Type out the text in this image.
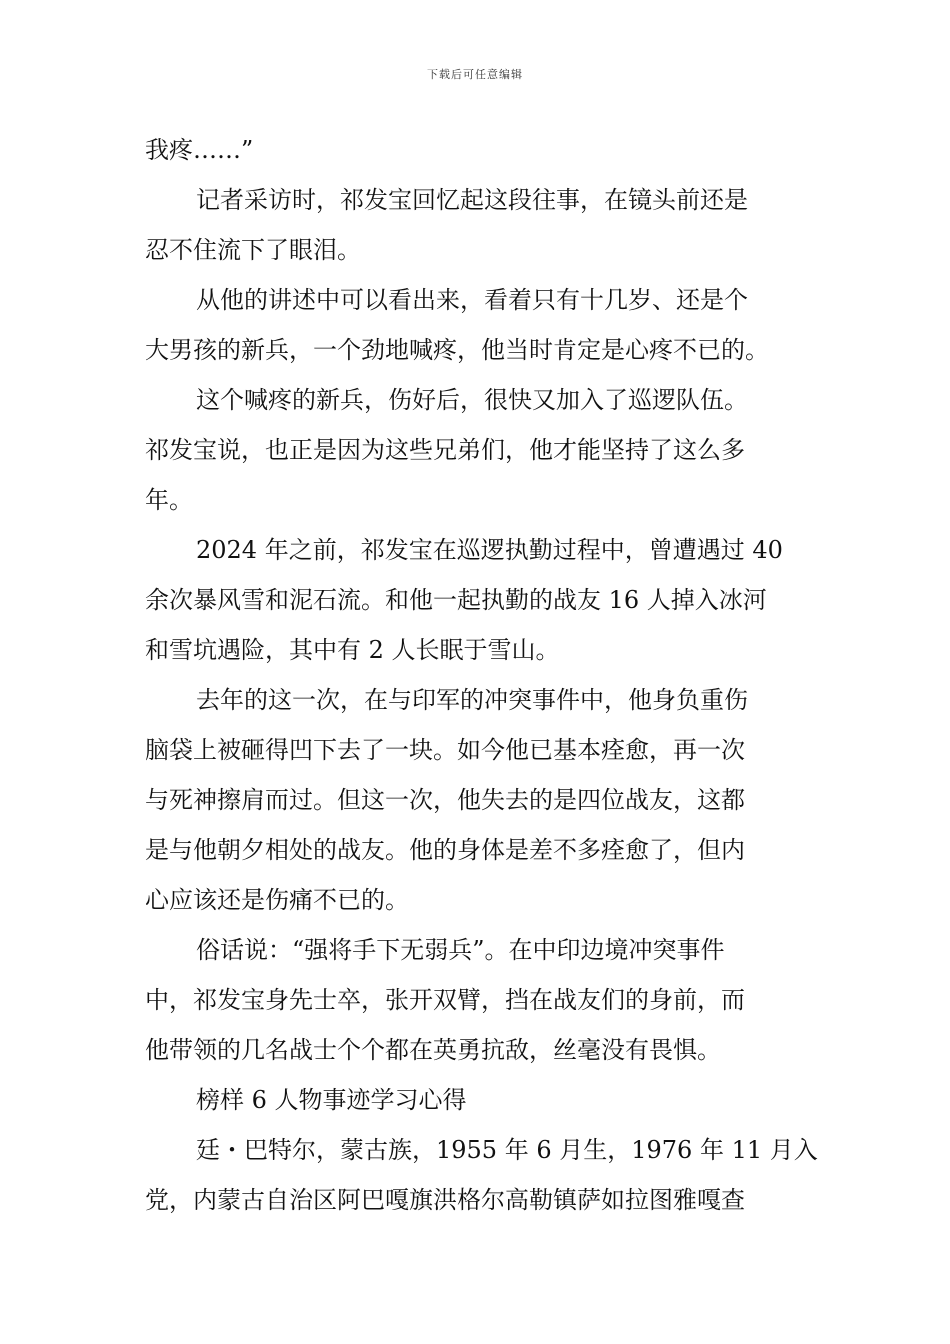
下载后可任意编辑
我疼……”
记者采访时，祁发宝回忆起这段往事，在镜头前还是
忍不住流下了眼泪。
从他的讲述中可以看出来，看着只有十几岁、还是个
大男孩的新兵，一个劲地喊疼，他当时肯定是心疼不已的。
这个喊疼的新兵，伤好后，很快又加入了巡逻队伍。
祁发宝说，也正是因为这些兄弟们，他才能坚持了这么多
年。
2024 年之前，祁发宝在巡逻执勤过程中，曾遭遇过 40
余次暴风雪和泥石流。和他一起执勤的战友 16 人掉入冰河
和雪坑遇险，其中有 2 人长眠于雪山。
去年的这一次，在与印军的冲突事件中，他身负重伤
脑袋上被砸得凹下去了一块。如今他已基本痊愈，再一次
与死神擦肩而过。但这一次，他失去的是四位战友，这都
是与他朝夕相处的战友。他的身体是差不多痊愈了，但内
心应该还是伤痛不已的。
俗话说：“强将手下无弱兵”。在中印边境冲突事件
中，祁发宝身先士卒，张开双臂，挡在战友们的身前，而
他带领的几名战士个个都在英勇抗敌，丝毫没有畏惧。
榜样 6 人物事迹学习心得
廷・巴特尔，蒙古族，1955 年 6 月生，1976 年 11 月入
党，内蒙古自治区阿巴嘎旗洪格尔高勒镇萨如拉图雅嘎查
